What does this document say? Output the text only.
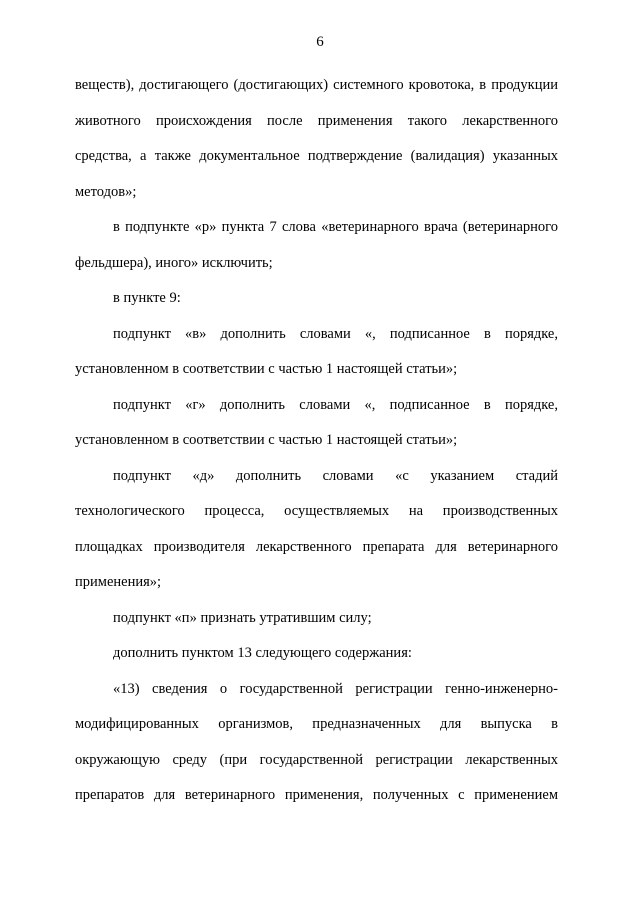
6

веществ), достигающего (достигающих) системного кровотока, в продукции животного происхождения после применения такого лекарственного средства, а также документальное подтверждение (валидация) указанных методов»;

в подпункте «р» пункта 7 слова «ветеринарного врача (ветеринарного фельдшера), иного» исключить;

в пункте 9:

подпункт «в» дополнить словами «, подписанное в порядке, установленном в соответствии с частью 1 настоящей статьи»;

подпункт «г» дополнить словами «, подписанное в порядке, установленном в соответствии с частью 1 настоящей статьи»;

подпункт «д» дополнить словами «с указанием стадий технологического процесса, осуществляемых на производственных площадках производителя лекарственного препарата для ветеринарного применения»;

подпункт «п» признать утратившим силу;

дополнить пунктом 13 следующего содержания:

«13) сведения о государственной регистрации генно-инженерно-модифицированных организмов, предназначенных для выпуска в окружающую среду (при государственной регистрации лекарственных препаратов для ветеринарного применения, полученных с применением
